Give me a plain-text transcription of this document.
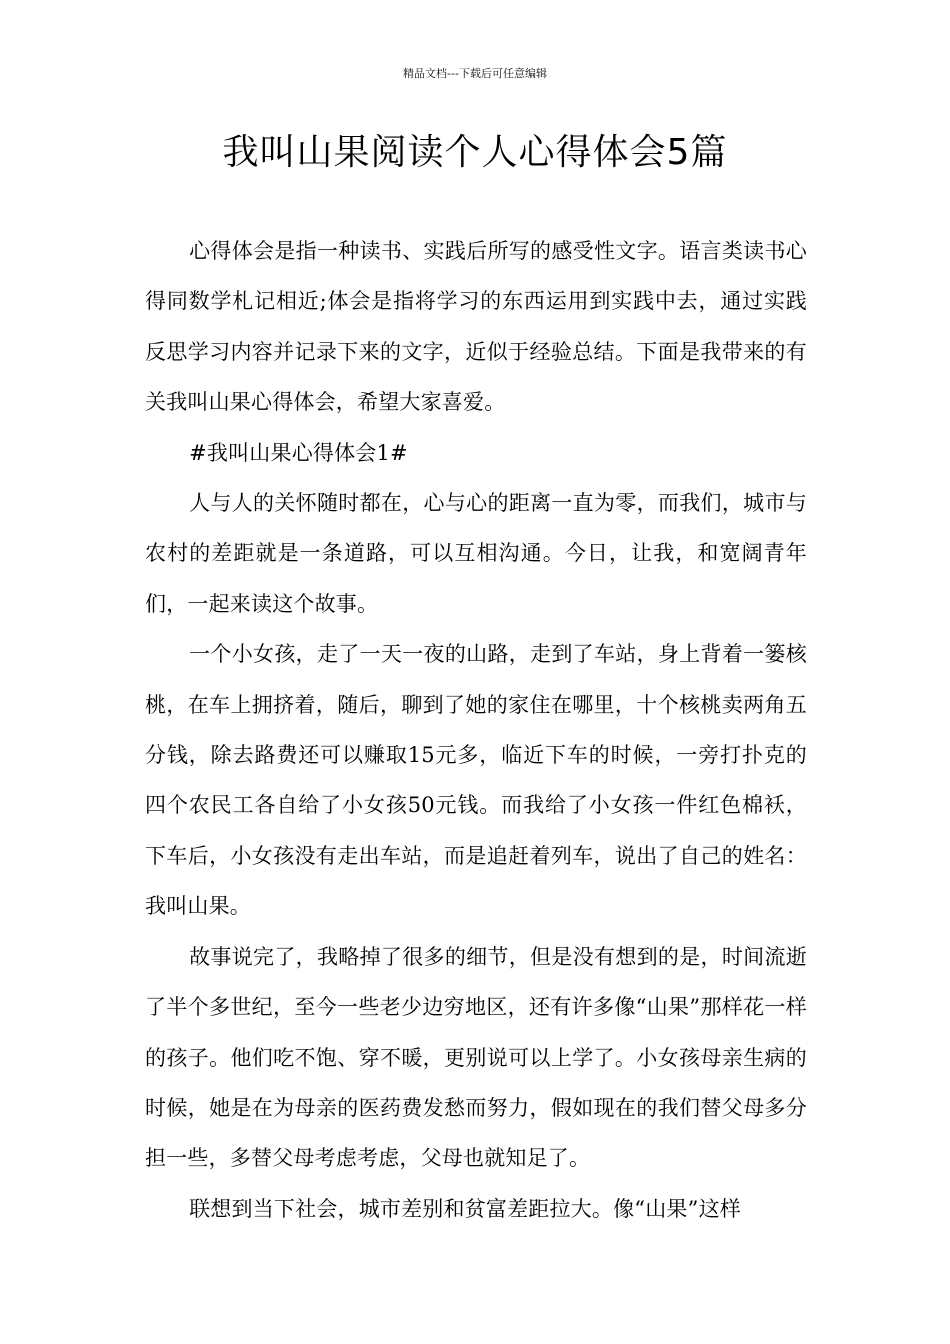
精品文档---下载后可任意编辑
我叫山果阅读个人心得体会5篇

心得体会是指一种读书、实践后所写的感受性文字。语言类读书心得同数学札记相近;体会是指将学习的东西运用到实践中去，通过实践反思学习内容并记录下来的文字，近似于经验总结。下面是我带来的有关我叫山果心得体会，希望大家喜爱。

#我叫山果心得体会1#

人与人的关怀随时都在，心与心的距离一直为零，而我们，城市与农村的差距就是一条道路，可以互相沟通。今日，让我，和宽阔青年们，一起来读这个故事。

一个小女孩，走了一天一夜的山路，走到了车站，身上背着一篓核桃，在车上拥挤着，随后，聊到了她的家住在哪里，十个核桃卖两角五分钱，除去路费还可以赚取15元多，临近下车的时候，一旁打扑克的四个农民工各自给了小女孩50元钱。而我给了小女孩一件红色棉袄，下车后，小女孩没有走出车站，而是追赶着列车，说出了自己的姓名：我叫山果。

故事说完了，我略掉了很多的细节，但是没有想到的是，时间流逝了半个多世纪，至今一些老少边穷地区，还有许多像“山果”那样花一样的孩子。他们吃不饱、穿不暖，更别说可以上学了。小女孩母亲生病的时候，她是在为母亲的医药费发愁而努力，假如现在的我们替父母多分担一些，多替父母考虑考虑，父母也就知足了。

联想到当下社会，城市差别和贫富差距拉大。像“山果”这样
